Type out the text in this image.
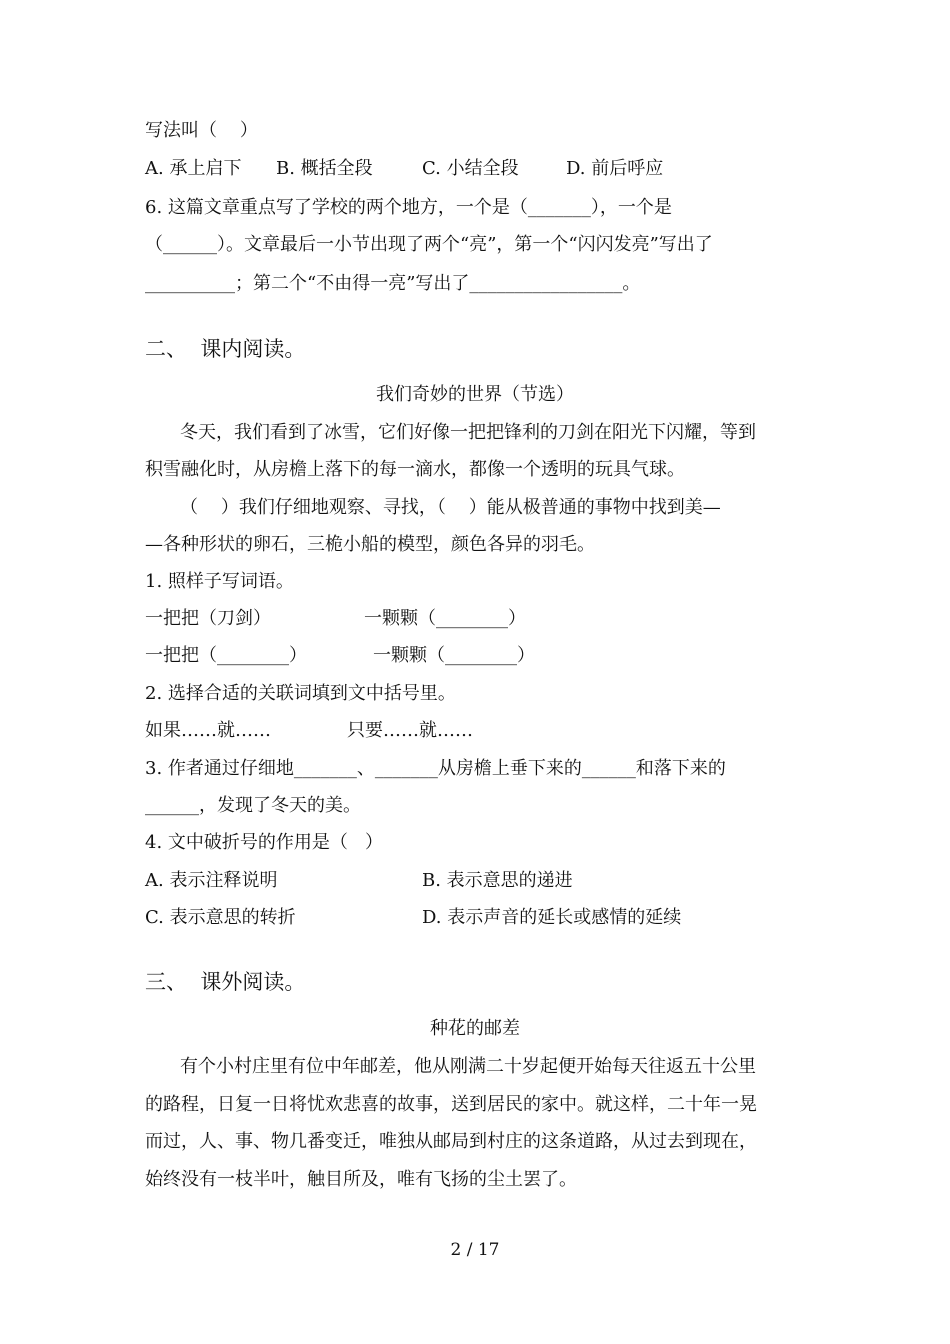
写法叫（    ）
A. 承上启下 B. 概括全段	C. 小结全段	D. 前后呼应
6. 这篇文章重点写了学校的两个地方，一个是（_______），一个是
（______）。文章最后一小节出现了两个“亮”，第一个“闪闪发亮”写出了
__________；第二个“不由得一亮”写出了_________________。
二、  课内阅读。
我们奇妙的世界（节选）
冬天，我们看到了冰雪，它们好像一把把锋利的刀剑在阳光下闪耀，等到
积雪融化时，从房檐上落下的每一滴水，都像一个透明的玩具气球。
（    ）我们仔细地观察、寻找，（    ）能从极普通的事物中找到美—
—各种形状的卵石，三桅小船的模型，颜色各异的羽毛。
1. 照样子写词语。
一把把（刀剑）	一颗颗（________）
一把把（________）	一颗颗（________）
2. 选择合适的关联词填到文中括号里。
如果……就……	只要……就……
3. 作者通过仔细地_______、_______从房檐上垂下来的______和落下来的
______，发现了冬天的美。
4. 文中破折号的作用是（   ）
A. 表示注释说明	B. 表示意思的递进
C. 表示意思的转折	D. 表示声音的延长或感情的延续
三、  课外阅读。
种花的邮差
有个小村庄里有位中年邮差，他从刚满二十岁起便开始每天往返五十公里
的路程，日复一日将忧欢悲喜的故事，送到居民的家中。就这样，二十年一晃
而过，人、事、物几番变迁，唯独从邮局到村庄的这条道路，从过去到现在，
始终没有一枝半叶，触目所及，唯有飞扬的尘土罢了。
2 / 17
